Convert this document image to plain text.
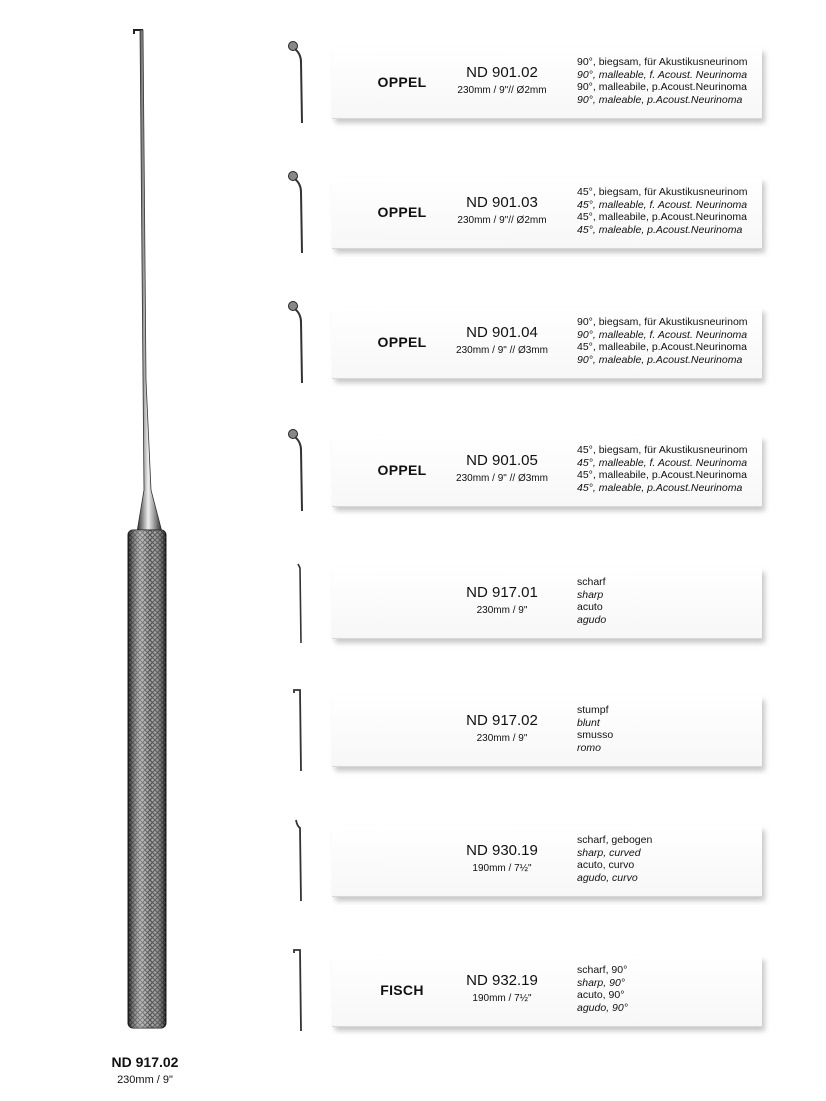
ND 917.02
230mm / 9"
OPPEL
ND 901.02
230mm / 9"// Ø2mm
90°, biegsam, für Akustikusneurinom
90°, malleable, f. Acoust. Neurinoma
90°, malleabile, p.Acoust.Neurinoma
90°, maleable, p.Acoust.Neurinoma
OPPEL
ND 901.03
230mm / 9"// Ø2mm
45°, biegsam, für Akustikusneurinom
45°, malleable, f. Acoust. Neurinoma
45°, malleabile, p.Acoust.Neurinoma
45°, maleable, p.Acoust.Neurinoma
OPPEL
ND 901.04
230mm / 9" // Ø3mm
90°, biegsam, für Akustikusneurinom
90°, malleable, f. Acoust. Neurinoma
45°, malleabile, p.Acoust.Neurinoma
90°, maleable, p.Acoust.Neurinoma
OPPEL
ND 901.05
230mm / 9" // Ø3mm
45°, biegsam, für Akustikusneurinom
45°, malleable, f. Acoust. Neurinoma
45°, malleabile, p.Acoust.Neurinoma
45°, maleable, p.Acoust.Neurinoma
ND 917.01
230mm / 9"
scharf
sharp
acuto
agudo
ND 917.02
230mm / 9"
stumpf
blunt
smusso
romo
ND 930.19
190mm / 7½"
scharf, gebogen
sharp, curved
acuto, curvo
agudo, curvo
FISCH
ND 932.19
190mm / 7½"
scharf, 90°
sharp, 90°
acuto, 90°
agudo, 90°
